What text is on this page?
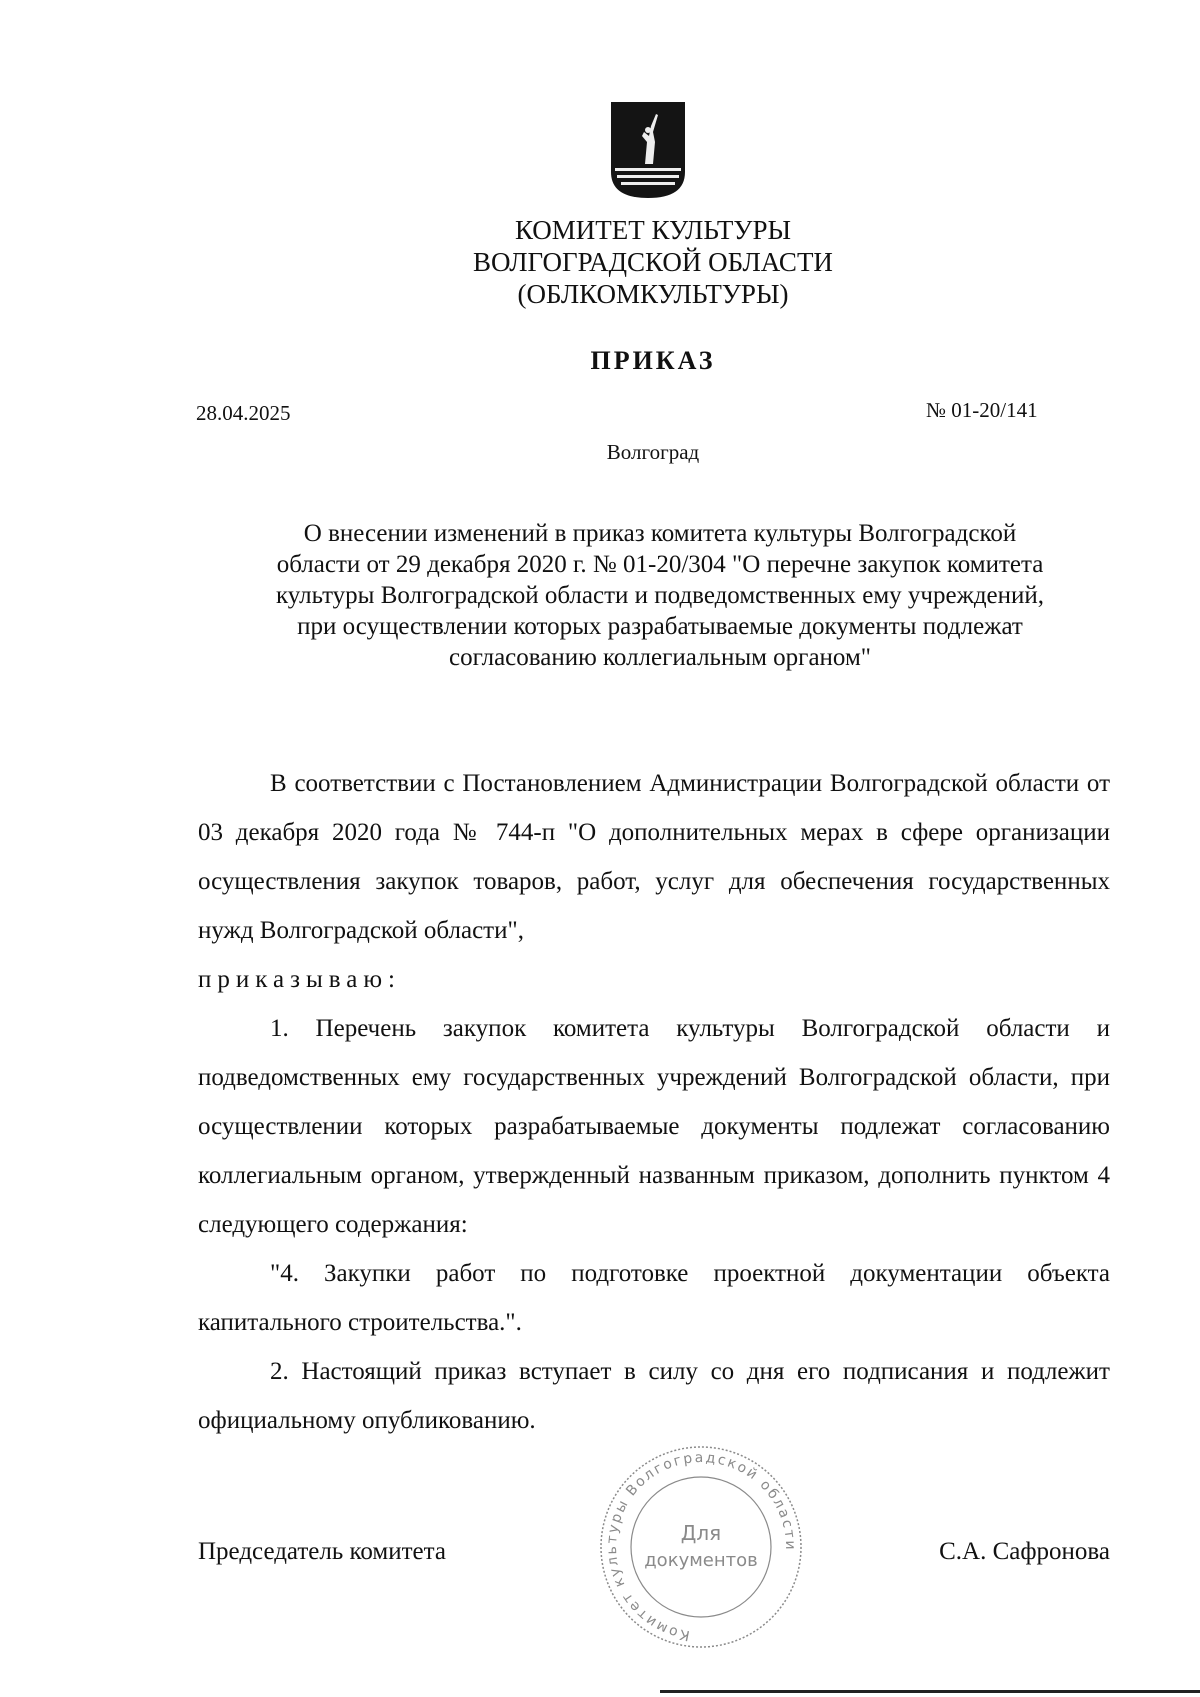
КОМИТЕТ КУЛЬТУРЫ
ВОЛГОГРАДСКОЙ ОБЛАСТИ
(ОБЛКОМКУЛЬТУРЫ)
ПРИКАЗ
28.04.2025	№ 01-20/141
Волгоград
О внесении изменений в приказ комитета культуры Волгоградской
области от 29 декабря 2020 г. № 01-20/304 "О перечне закупок комитета
культуры Волгоградской области и подведомственных ему учреждений,
при осуществлении которых разрабатываемые документы подлежат
согласованию коллегиальным органом"

В соответствии с Постановлением Администрации Волгоградской области от 03 декабря 2020 года № 744-п "О дополнительных мерах в сфере организации осуществления закупок товаров, работ, услуг для обеспечения государственных нужд Волгоградской области",

приказываю:

1. Перечень закупок комитета культуры Волгоградской области и подведомственных ему государственных учреждений Волгоградской области, при осуществлении которых разрабатываемые документы подлежат согласованию коллегиальным органом, утвержденный названным приказом, дополнить пунктом 4 следующего содержания:

"4. Закупки работ по подготовке проектной документации объекта капитального строительства.".

2. Настоящий приказ вступает в силу со дня его подписания и подлежит официальному опубликованию.

Председатель комитета
Комитет культуры Волгоградской области
Для
документов	С.А. Сафронова
